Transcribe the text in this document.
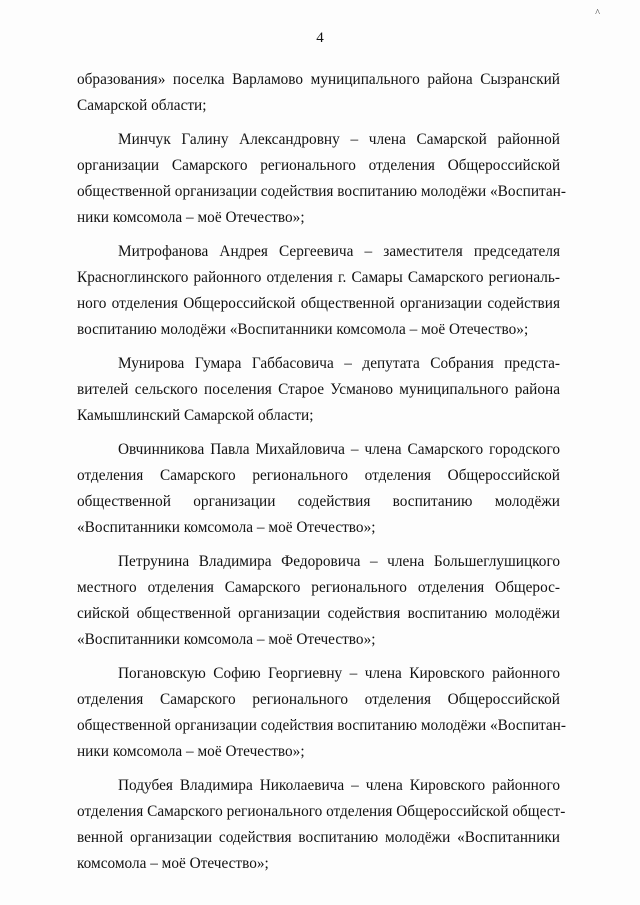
^
4

образования» поселка Варламово муниципального района Сызранский
Самарской области;

Минчук Галину Александровну – члена Самарской районной
организации Самарского регионального отделения Общероссийской
общественной организации содействия воспитанию молодёжи «Воспитан-
ники комсомола – моё Отечество»;

Митрофанова Андрея Сергеевича – заместителя председателя
Красноглинского районного отделения г. Самары Самарского региональ-
ного отделения Общероссийской общественной организации содействия
воспитанию молодёжи «Воспитанники комсомола – моё Отечество»;

Мунирова Гумара Габбасовича – депутата Собрания предста-
вителей сельского поселения Старое Усманово муниципального района
Камышлинский Самарской области;

Овчинникова Павла Михайловича – члена Самарского городского
отделения Самарского регионального отделения Общероссийской
общественной организации содействия воспитанию молодёжи
«Воспитанники комсомола – моё Отечество»;

Петрунина Владимира Федоровича – члена Большеглушицкого
местного отделения Самарского регионального отделения Общерос-
сийской общественной организации содействия воспитанию молодёжи
«Воспитанники комсомола – моё Отечество»;

Погановскую Софию Георгиевну – члена Кировского районного
отделения Самарского регионального отделения Общероссийской
общественной организации содействия воспитанию молодёжи «Воспитан-
ники комсомола – моё Отечество»;

Подубея Владимира Николаевича – члена Кировского районного
отделения Самарского регионального отделения Общероссийской общест-
венной организации содействия воспитанию молодёжи «Воспитанники
комсомола – моё Отечество»;
